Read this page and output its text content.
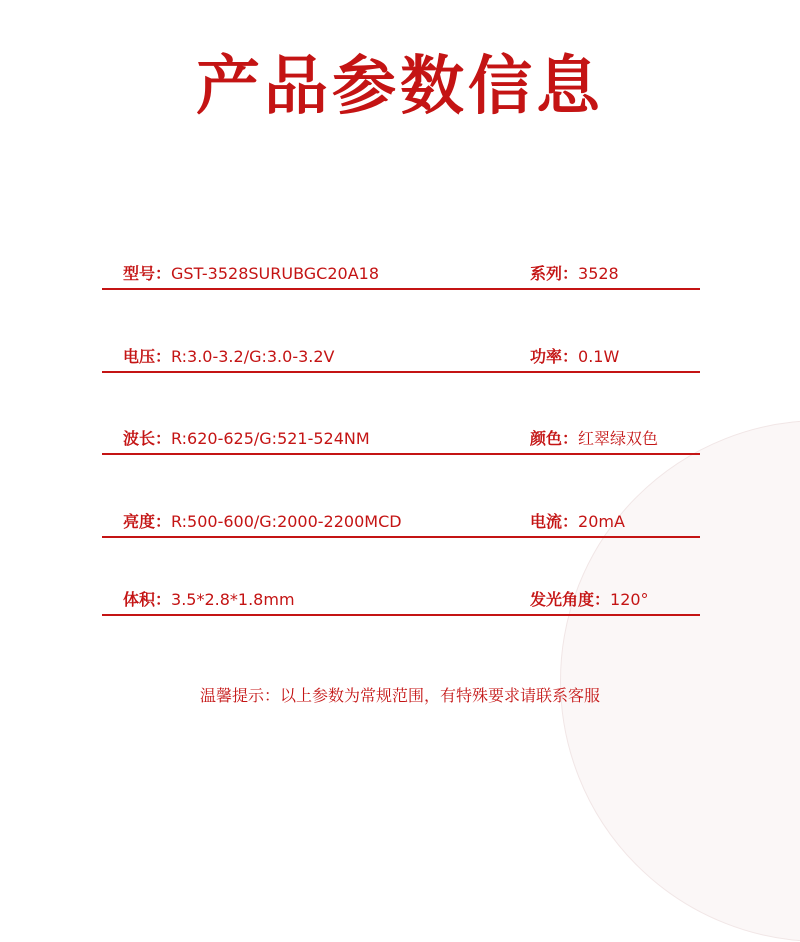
产品参数信息
型号：GST-3528SURUBGC20A18	系列：3528
电压：R:3.0-3.2/G:3.0-3.2V	功率：0.1W
波长：R:620-625/G:521-524NM	颜色：红翠绿双色
亮度：R:500-600/G:2000-2200MCD	电流：20mA
体积：3.5*2.8*1.8mm	发光角度：120°

温馨提示：以上参数为常规范围，有特殊要求请联系客服
